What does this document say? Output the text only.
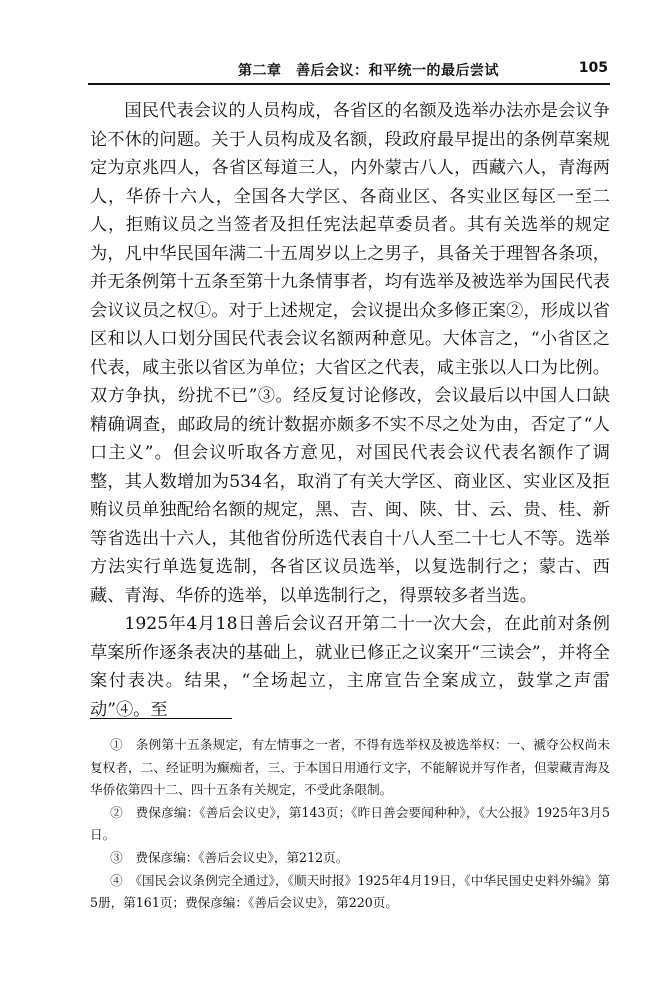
第二章　善后会议：和平统一的最后尝试	105

国民代表会议的人员构成，各省区的名额及选举办法亦是会议争论不休的问题。关于人员构成及名额，段政府最早提出的条例草案规定为京兆四人，各省区每道三人，内外蒙古八人，西藏六人，青海两人，华侨十六人，全国各大学区、各商业区、各实业区每区一至二人，拒贿议员之当签者及担任宪法起草委员者。其有关选举的规定为，凡中华民国年满二十五周岁以上之男子，具备关于理智各条项，并无条例第十五条至第十九条情事者，均有选举及被选举为国民代表会议议员之权①。对于上述规定，会议提出众多修正案②，形成以省区和以人口划分国民代表会议名额两种意见。大体言之，“小省区之代表，咸主张以省区为单位；大省区之代表，咸主张以人口为比例。双方争执，纷扰不已”③。经反复讨论修改，会议最后以中国人口缺精确调查，邮政局的统计数据亦颇多不实不尽之处为由，否定了“人口主义”。但会议听取各方意见，对国民代表会议代表名额作了调整，其人数增加为534名，取消了有关大学区、商业区、实业区及拒贿议员单独配给名额的规定，黑、吉、闽、陕、甘、云、贵、桂、新等省选出十六人，其他省份所选代表自十八人至二十七人不等。选举方法实行单选复选制，各省区议员选举，以复选制行之；蒙古、西藏、青海、华侨的选举，以单选制行之，得票较多者当选。

1925年4月18日善后会议召开第二十一次大会，在此前对条例草案所作逐条表决的基础上，就业已修正之议案开“三读会”，并将全案付表决。结果，“全场起立，主席宣告全案成立，鼓掌之声雷动”④。至

①　条例第十五条规定，有左情事之一者，不得有选举权及被选举权：一、褫夺公权尚未复权者，二、经证明为癫痴者，三、于本国日用通行文字，不能解说并写作者，但蒙藏青海及华侨依第四十二、四十五条有关规定，不受此条限制。

②　费保彦编：《善后会议史》，第143页；《昨日善会要闻种种》，《大公报》1925年3月5日。

③　费保彦编：《善后会议史》，第212页。

④　《国民会议条例完全通过》，《顺天时报》1925年4月19日，《中华民国史史料外编》第5册，第161页；费保彦编：《善后会议史》，第220页。
